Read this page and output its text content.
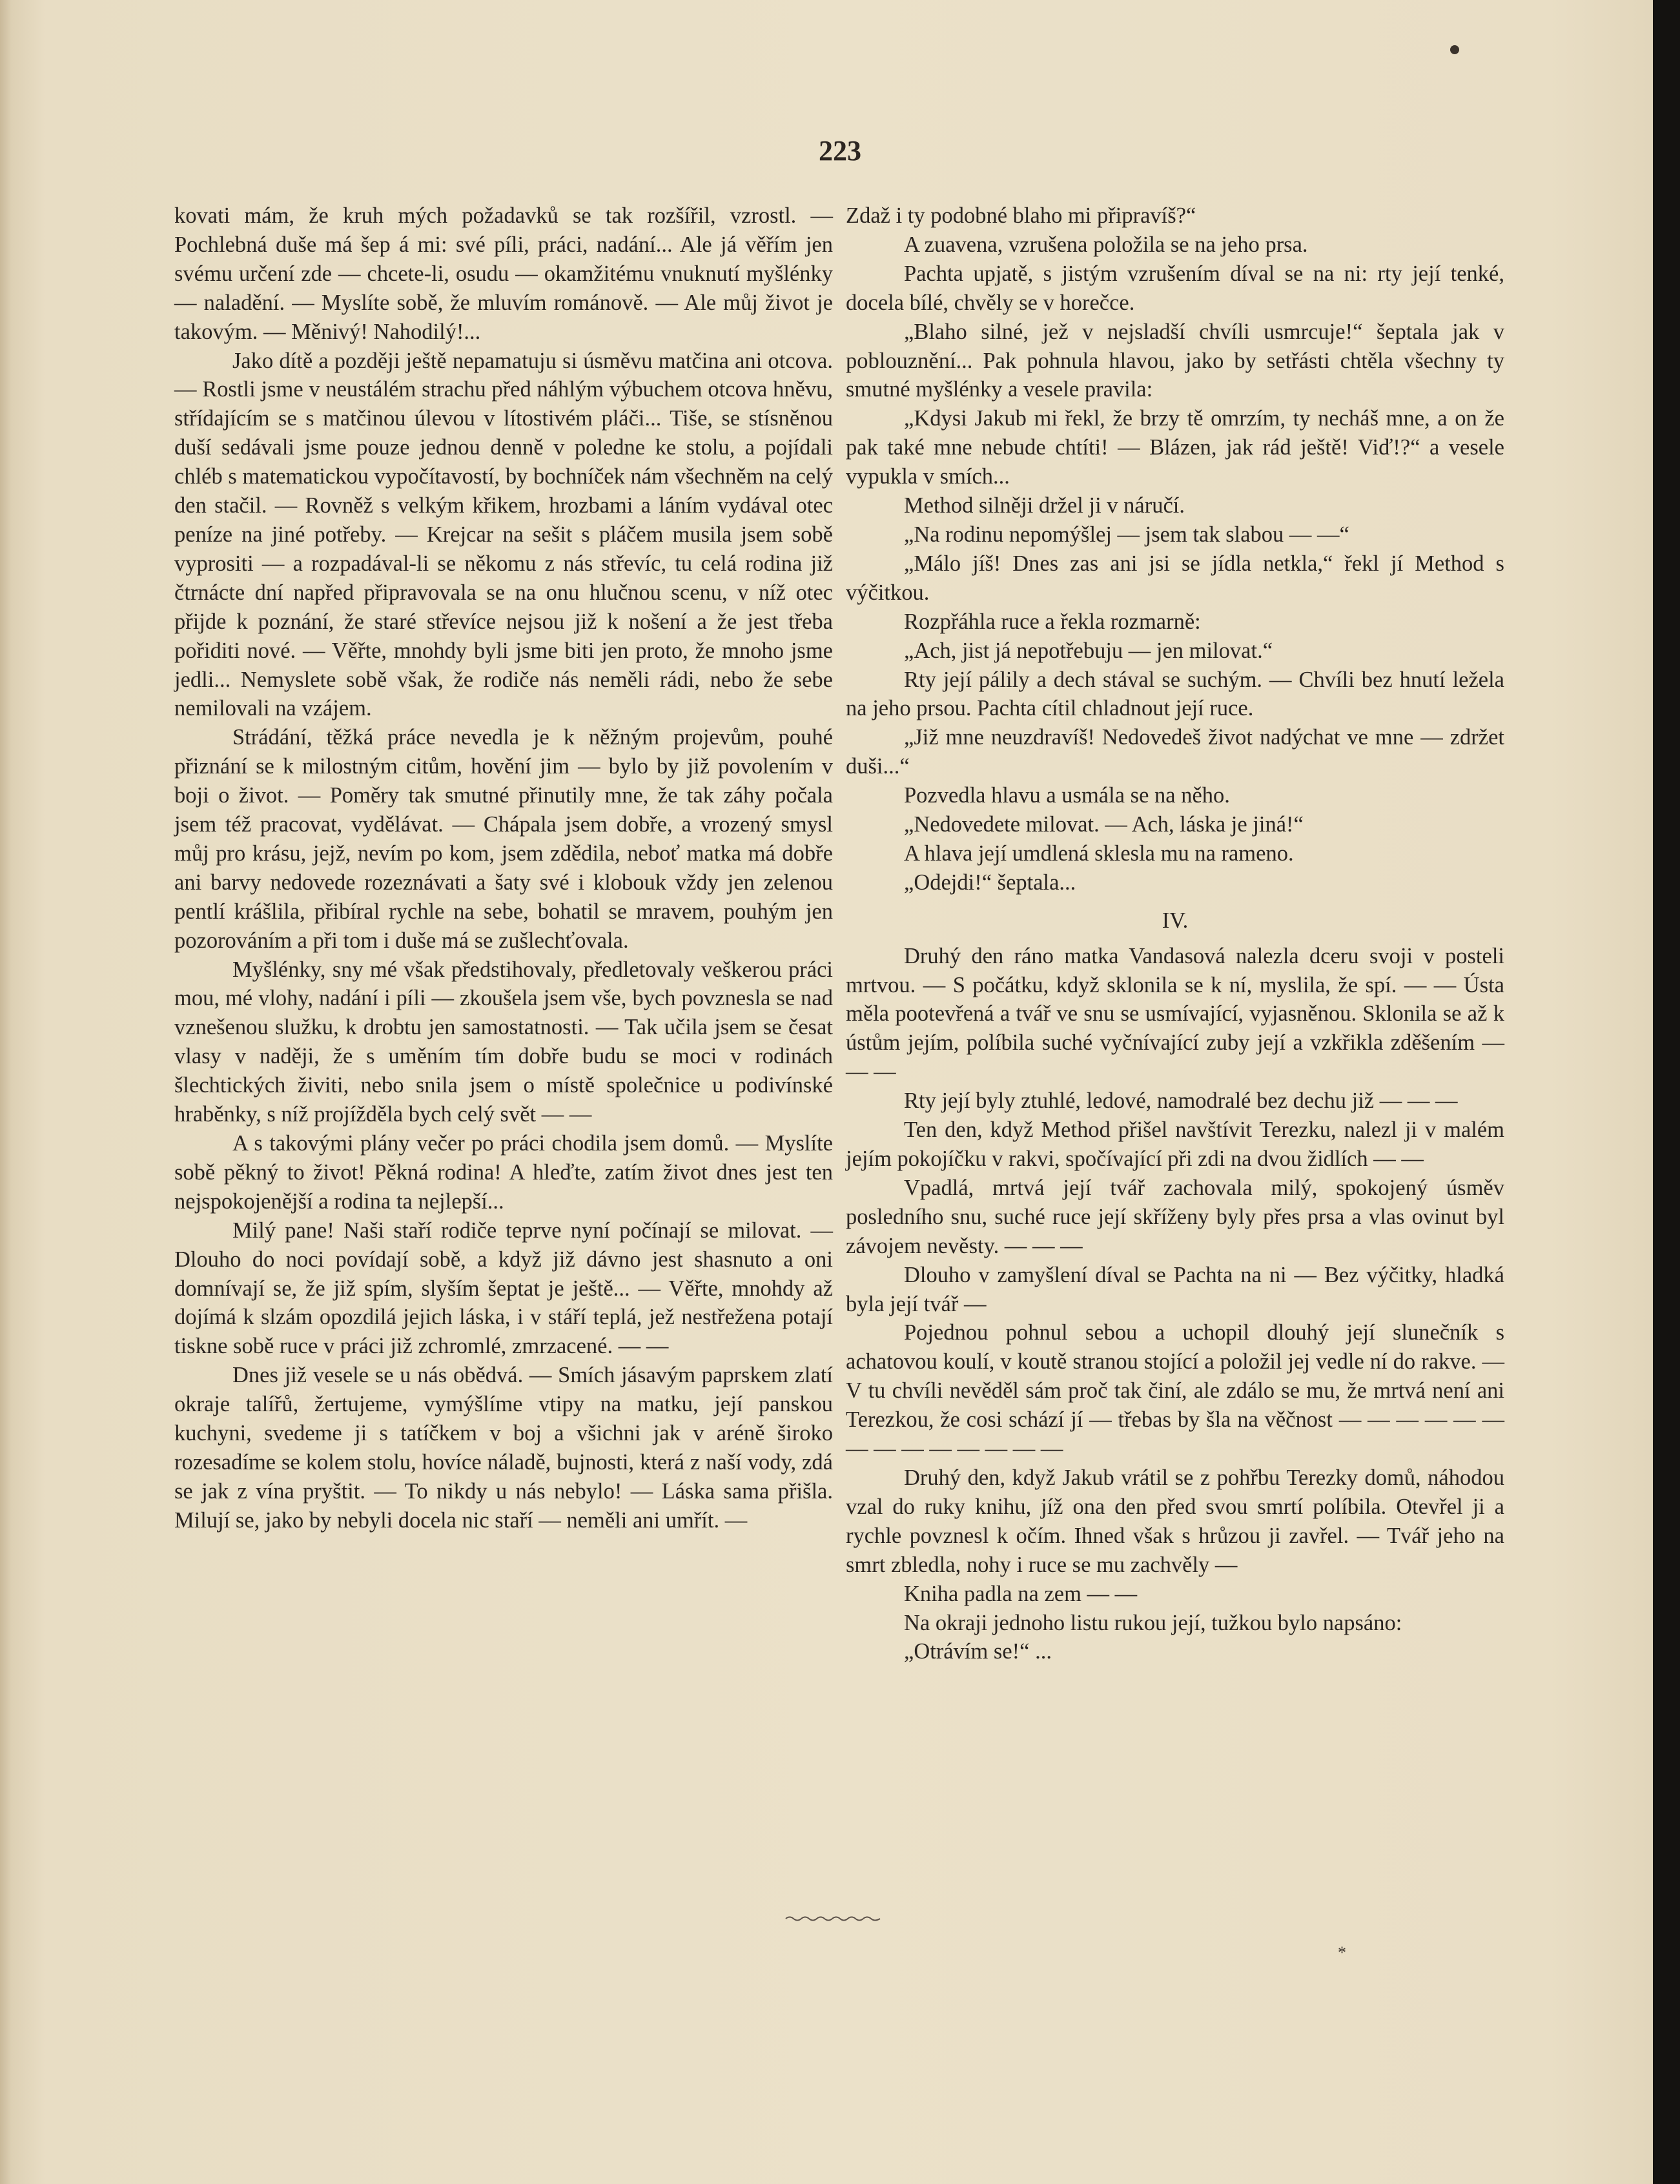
223

kovati mám, že kruh mých požadavků se tak rozšířil, vzrostl. — Pochlebná duše má šep á mi: své píli, práci, nadání... Ale já věřím jen svému určení zde — chcete-li, osudu — okamžitému vnuknutí myšlénky — naladění. — Myslíte sobě, že mluvím románově. — Ale můj život je takovým. — Měnivý! Nahodilý!...

Jako dítě a později ještě nepamatuju si úsměvu matčina ani otcova. — Rostli jsme v neustálém strachu před náhlým výbuchem otcova hněvu, střídajícím se s matčinou úlevou v lítostivém pláči... Tiše, se stísněnou duší sedávali jsme pouze jednou denně v poledne ke stolu, a pojídali chléb s matematickou vypočítavostí, by bochníček nám všechněm na celý den stačil. — Rovněž s velkým křikem, hrozbami a láním vydával otec peníze na jiné potřeby. — Krejcar na sešit s pláčem musila jsem sobě vyprositi — a rozpadával-li se někomu z nás střevíc, tu celá rodina již čtrnácte dní napřed připravovala se na onu hlučnou scenu, v níž otec přijde k poznání, že staré střevíce nejsou již k nošení a že jest třeba pořiditi nové. — Věřte, mnohdy byli jsme biti jen proto, že mnoho jsme jedli... Nemyslete sobě však, že rodiče nás neměli rádi, nebo že sebe nemilovali na vzájem.

Strádání, těžká práce nevedla je k něžným projevům, pouhé přiznání se k milostným citům, hovění jim — bylo by již povolením v boji o život. — Poměry tak smutné přinutily mne, že tak záhy počala jsem též pracovat, vydělávat. — Chápala jsem dobře, a vrozený smysl můj pro krásu, jejž, nevím po kom, jsem zdědila, neboť matka má dobře ani barvy nedovede rozeznávati a šaty své i klobouk vždy jen zelenou pentlí krášlila, přibíral rychle na sebe, bohatil se mravem, pouhým jen pozorováním a při tom i duše má se zušlechťovala.

Myšlénky, sny mé však předstihovaly, předletovaly veškerou práci mou, mé vlohy, nadání i píli — zkoušela jsem vše, bych povznesla se nad vznešenou služku, k drobtu jen samostatnosti. — Tak učila jsem se česat vlasy v naději, že s uměním tím dobře budu se moci v rodinách šlechtických živiti, nebo snila jsem o místě společnice u podivínské hraběnky, s níž projížděla bych celý svět — —

A s takovými plány večer po práci chodila jsem domů. — Myslíte sobě pěkný to život! Pěkná rodina! A hleďte, zatím život dnes jest ten nejspokojenější a rodina ta nejlepší...

Milý pane! Naši staří rodiče teprve nyní počínají se milovat. — Dlouho do noci povídají sobě, a když již dávno jest shasnuto a oni domnívají se, že již spím, slyším šeptat je ještě... — Věřte, mnohdy až dojímá k slzám opozdilá jejich láska, i v stáří teplá, jež nestřežena potají tiskne sobě ruce v práci již zchromlé, zmrzacené. — —

Dnes již vesele se u nás obědvá. — Smích jásavým paprskem zlatí okraje talířů, žertujeme, vymýšlíme vtipy na matku, její panskou kuchyni, svedeme ji s tatíčkem v boj a všichni jak v aréně široko rozesadíme se kolem stolu, hovíce náladě, bujnosti, která z naší vody, zdá se jak z vína pryštit. — To nikdy u nás nebylo! — Láska sama přišla. Milují se, jako by nebyli docela nic staří — neměli ani umřít. —

Zdaž i ty podobné blaho mi připravíš?“

A zuavena, vzrušena položila se na jeho prsa.

Pachta upjatě, s jistým vzrušením díval se na ni: rty její tenké, docela bílé, chvěly se v horečce.

„Blaho silné, jež v nejsladší chvíli usmrcuje!“ šeptala jak v poblouznění... Pak pohnula hlavou, jako by setřásti chtěla všechny ty smutné myšlénky a vesele pravila:

„Kdysi Jakub mi řekl, že brzy tě omrzím, ty necháš mne, a on že pak také mne nebude chtíti! — Blázen, jak rád ještě! Viď!?“ a vesele vypukla v smích...

Method silněji držel ji v náručí.

„Na rodinu nepomýšlej — jsem tak slabou — —“

„Málo jíš! Dnes zas ani jsi se jídla netkla,“ řekl jí Method s výčitkou.

Rozpřáhla ruce a řekla rozmarně:

„Ach, jist já nepotřebuju — jen milovat.“

Rty její pálily a dech stával se suchým. — Chvíli bez hnutí ležela na jeho prsou. Pachta cítil chladnout její ruce.

„Již mne neuzdravíš! Nedovedeš život nadýchat ve mne — zdržet duši...“

Pozvedla hlavu a usmála se na něho.

„Nedovedete milovat. — Ach, láska je jiná!“

A hlava její umdlená sklesla mu na rameno.

„Odejdi!“ šeptala...

IV.

Druhý den ráno matka Vandasová nalezla dceru svoji v posteli mrtvou. — S počátku, když sklonila se k ní, myslila, že spí. — — Ústa měla pootevřená a tvář ve snu se usmívající, vyjasněnou. Sklonila se až k ústům jejím, políbila suché vyčnívající zuby její a vzkřikla zděšením — — —

Rty její byly ztuhlé, ledové, namodralé bez dechu již — — —

Ten den, když Method přišel navštívit Terezku, nalezl ji v malém jejím pokojíčku v rakvi, spočívající při zdi na dvou židlích — —

Vpadlá, mrtvá její tvář zachovala milý, spokojený úsměv posledního snu, suché ruce její skříženy byly přes prsa a vlas ovinut byl závojem nevěsty. — — —

Dlouho v zamyšlení díval se Pachta na ni — Bez výčitky, hladká byla její tvář —

Pojednou pohnul sebou a uchopil dlouhý její slunečník s achatovou koulí, v koutě stranou stojící a položil jej vedle ní do rakve. — V tu chvíli nevěděl sám proč tak činí, ale zdálo se mu, že mrtvá není ani Terezkou, že cosi schází jí — třebas by šla na věčnost — — — — — — — — — — — — — —

Druhý den, když Jakub vrátil se z pohřbu Terezky domů, náhodou vzal do ruky knihu, jíž ona den před svou smrtí políbila. Otevřel ji a rychle povznesl k očím. Ihned však s hrůzou ji zavřel. — Tvář jeho na smrt zbledla, nohy i ruce se mu zachvěly —

Kniha padla na zem — —

Na okraji jednoho listu rukou její, tužkou bylo napsáno:

„Otrávím se!“ ...

*
